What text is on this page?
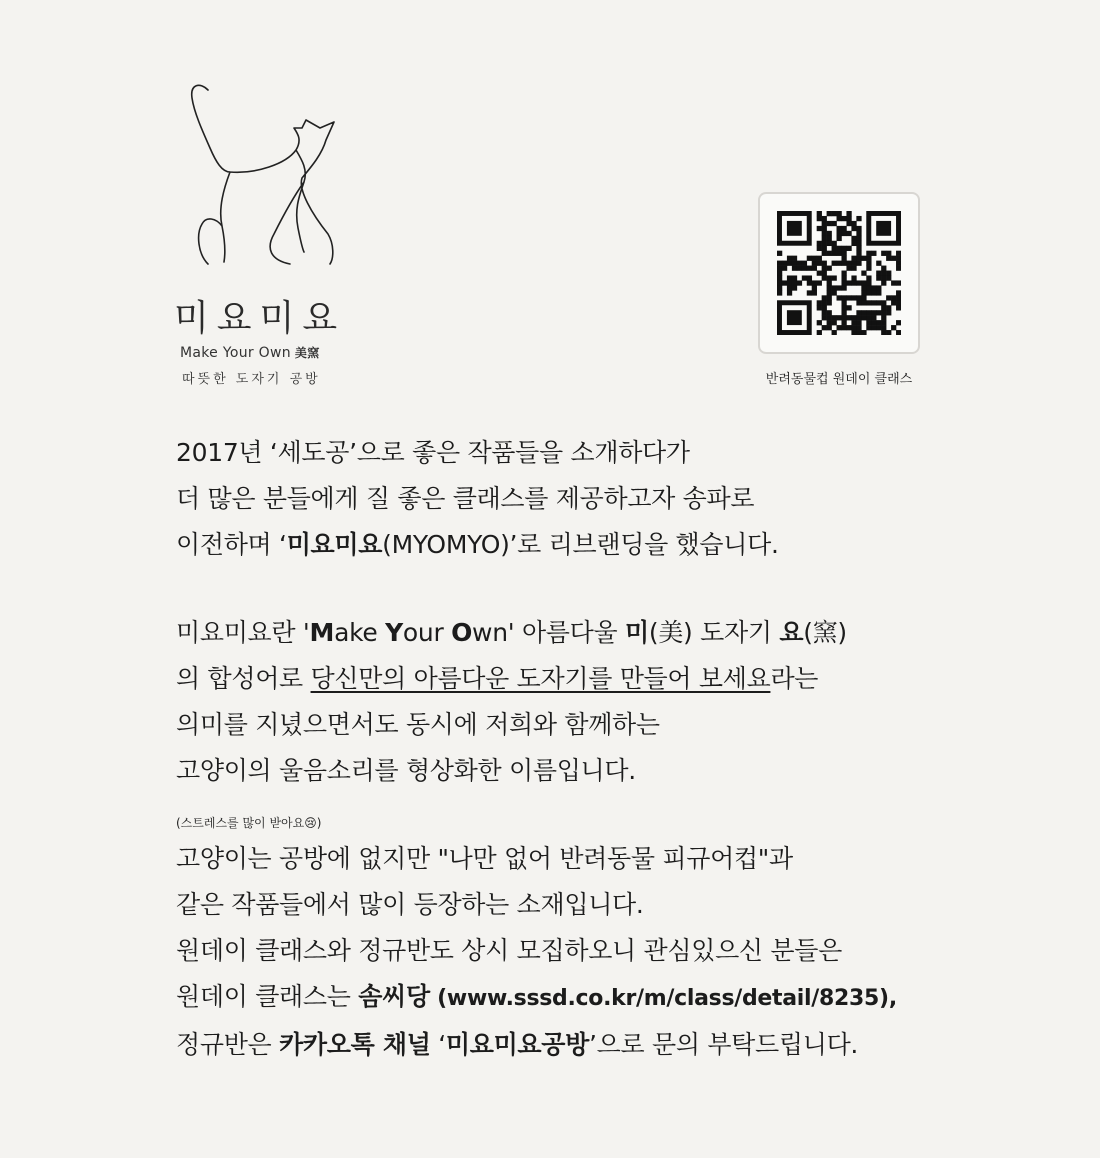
미요미요
Make Your Own 美窯
따뜻한 도자기 공방	반려동물컵 원데이 클래스
2017년 ‘세도공’으로 좋은 작품들을 소개하다가
더 많은 분들에게 질 좋은 클래스를 제공하고자 송파로
이전하며 ‘미요미요(MYOMYO)’로 리브랜딩을 했습니다.
미요미요란 'Make Your Own' 아름다울 미(美) 도자기 요(窯)
의 합성어로 당신만의 아름다운 도자기를 만들어 보세요라는
의미를 지녔으면서도 동시에 저희와 함께하는
고양이의 울음소리를 형상화한 이름입니다.
(스트레스를 많이 받아요😢)
고양이는 공방에 없지만 "나만 없어 반려동물 피규어컵"과
같은 작품들에서 많이 등장하는 소재입니다.
원데이 클래스와 정규반도 상시 모집하오니 관심있으신 분들은
원데이 클래스는 솜씨당 (www.sssd.co.kr/m/class/detail/8235),
정규반은 카카오톡 채널 ‘미요미요공방’으로 문의 부탁드립니다.
